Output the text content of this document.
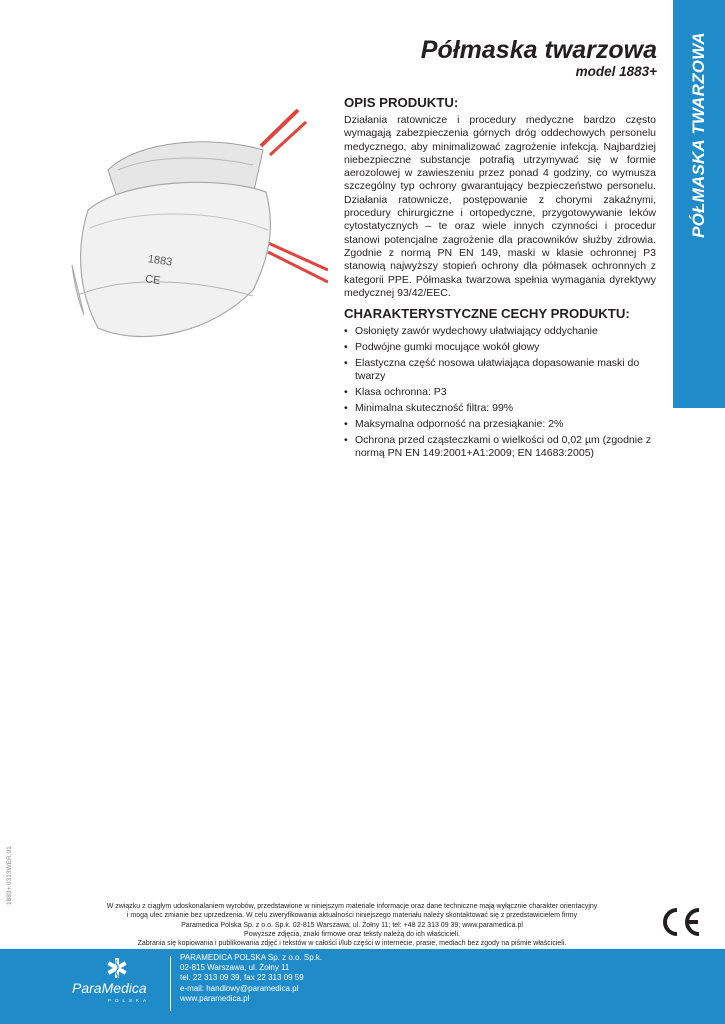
PÓŁMASKA TWARZOWA
Półmaska twarzowa
model 1883+
1883
CE
OPIS PRODUKTU:

Działania ratownicze i procedury medyczne bardzo często wymagają zabezpieczenia górnych dróg oddechowych personelu medycznego, aby minimalizować zagrożenie infekcją. Najbardziej niebezpieczne substancje potrafią utrzymywać się w formie aerozolowej w zawieszeniu przez ponad 4 godziny, co wymusza szczególny typ ochrony gwarantujący bezpieczeństwo personelu. Działania ratownicze, postępowanie z chorymi zakaźnymi, procedury chirurgiczne i ortopedyczne, przygotowywanie leków cytostatycznych – te oraz wiele innych czynności i procedur stanowi potencjalne zagrożenie dla pracowników służby zdrowia. Zgodnie z normą PN EN 149, maski w klasie ochronnej P3 stanowią najwyższy stopień ochrony dla półmasek ochronnych z kategorii PPE. Półmaska twarzowa spełnia wymagania dyrektywy medycznej 93/42/EEC.

CHARAKTERYSTYCZNE CECHY PRODUKTU:
• Osłonięty zawór wydechowy ułatwiający oddychanie
• Podwójne gumki mocujące wokół głowy
• Elastyczna część nosowa ułatwiająca dopasowanie maski do twarzy
• Klasa ochronna: P3
• Minimalna skuteczność filtra: 99%
• Maksymalna odporność na przesiąkanie: 2%
• Ochrona przed cząsteczkami o wielkości od 0,02 µm (zgodnie z normą PN EN 149:2001+A1:2009; EN 14683:2005)
1883+ 0313WER.01
W związku z ciągłym udoskonalaniem wyrobów, przedstawione w niniejszym materiale informacje oraz dane techniczne mają wyłącznie charakter orientacyjny
i mogą ulec zmianie bez uprzedzenia. W celu zweryfikowania aktualności niniejszego materiału należy skontaktować się z przedstawicielem firmy
Paramedica Polska Sp. z o.o. Sp.k. 02-815 Warszawa; ul. Żołny 11; tel: +48 22 313 09 39; www.paramedica.pl
Powyższe zdjęcia, znaki firmowe oraz teksty należą do ich właścicieli.
Zabrania się kopiowania i publikowania zdjęć i tekstów w całości i/lub części w internecie, prasie, mediach bez zgody na piśmie właścicieli.
ParaMedica
POLSKA
PARAMEDICA POLSKA Sp. z o.o. Sp.k.
02-815 Warszawa, ul. Żołny 11
tel. 22 313 09 39, fax 22 313 09 59
e-mail: handlowy@paramedica.pl
www.paramedica.pl
